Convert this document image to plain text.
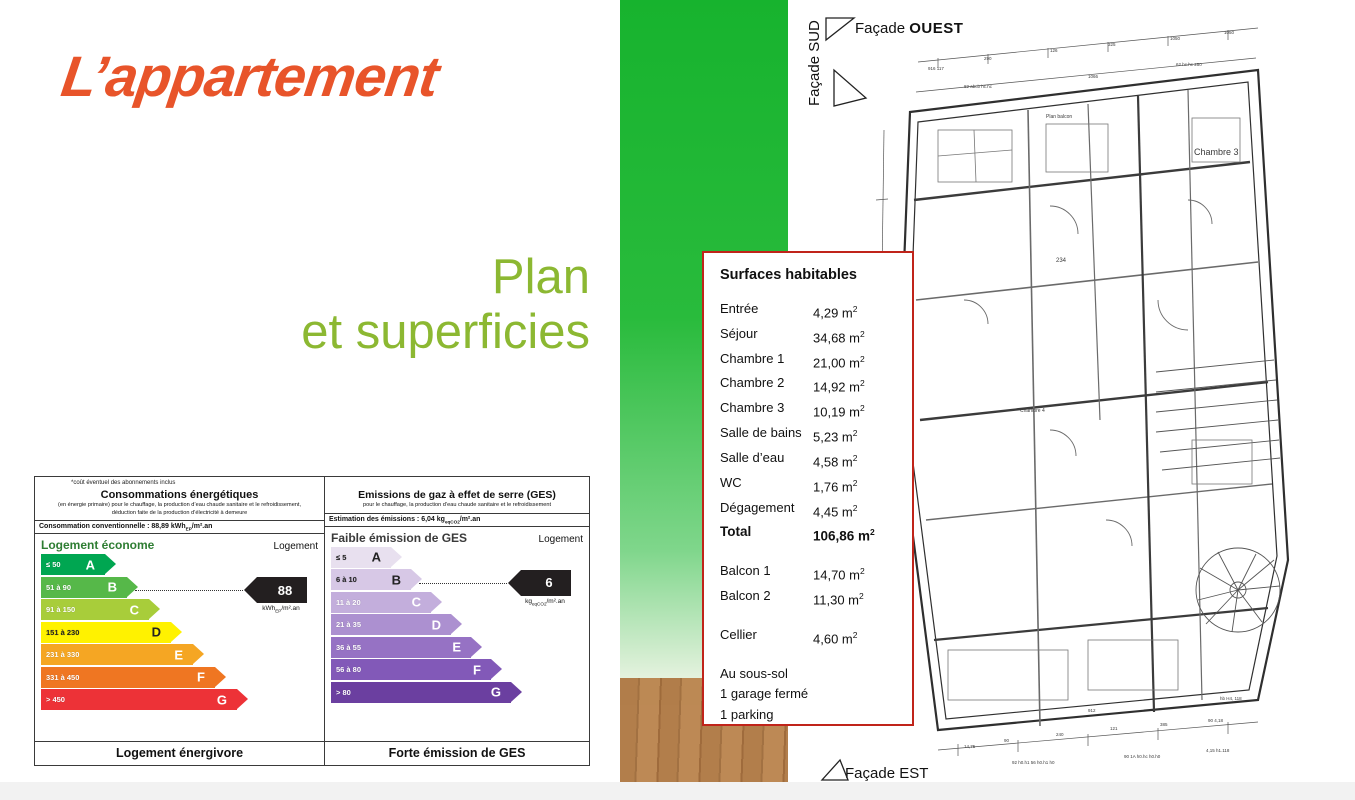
L’appartement
Plan
et superficies
*coût éventuel des abonnements inclus
Consommations énergétiques
(en énergie primaire) pour le chauffage, la production d’eau chaude sanitaire et le refroidissement, déduction faite de la production d’électricité à demeure
Consommation conventionnelle : 88,89 kWh$_{EP}$/m².an
Logement économe	Logement
≤ 50 A
51 à 90	B
91 à 150	C
151 à 230	D
231 à 330	E
331 à 450	F
> 450	G
88
kWh$_{EP}$/m².an
Logement énergivore
Emissions de gaz à effet de serre (GES)
pour le chauffage, la production d’eau chaude sanitaire et le refroidissement
Estimation des émissions : 6,04 $kg_{eqCO2}/m^2.an$
Faible émission de GES	Logement
≤ 5 A
6 à 10	B
11 à 20	C
21 à 35	D
36 à 55	E
56 à 80	F
> 80	G
6
$kg_{eqCO2}/m^2.an$
Forte émission de GES
Chambre 3
Plan balcon
Chambre 4
234
916 117
290
126
325
1050
1050
82 abcb hc.hc
1066
62 hc.hc 250
14,75
90
240
121
385
90 4,18
92 h0.h1 56 h0.h1 h0
90 1A h0.hc h0.h0
4,15 h1.118
912
hb H4, 118
Façade OUEST
Façade SUD
Façade EST
Surfaces habitables
Entrée	4,29 $m^2$
Séjour	34,68 $m^2$
Chambre 1	21,00 $m^2$
Chambre 2	14,92 $m^2$
Chambre 3	10,19 $m^2$
Salle de bains 5,23 $m^2$
Salle d’eau	4,58 $m^2$
WC	1,76 $m^2$
Dégagement	4,45 $m^2$
Total	106,86 $m^2$
Balcon 1	14,70 $m^2$
Balcon 2	11,30 $m^2$
Cellier	4,60 $m^2$
Au sous-sol
1 garage fermé
1 parking
